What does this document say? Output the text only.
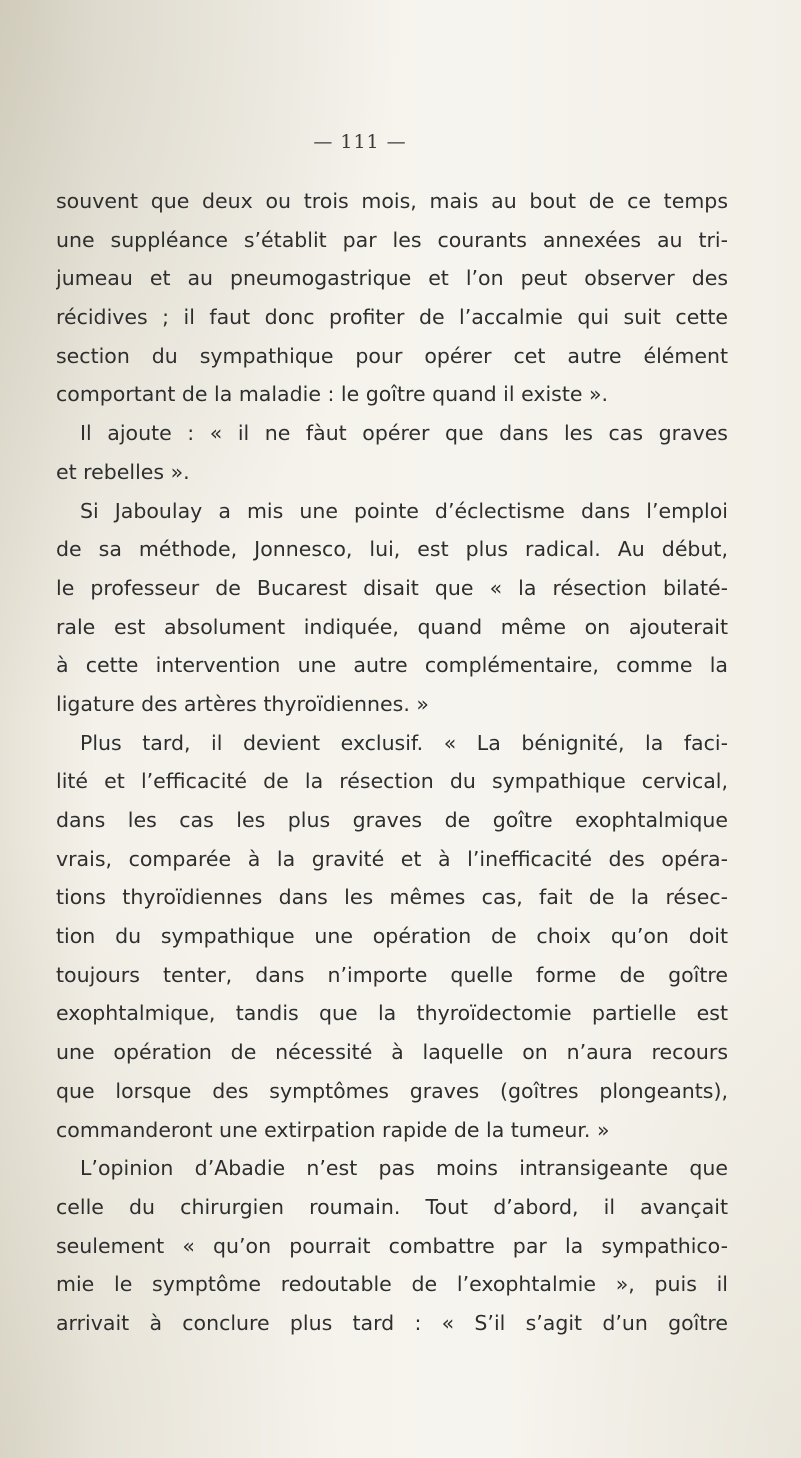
— 111 —
souvent que deux ou trois mois, mais au bout de ce temps
une suppléance s’établit par les courants annexées au tri-
jumeau et au pneumogastrique et l’on peut observer des
récidives ; il faut donc profiter de l’accalmie qui suit cette
section du sympathique pour opérer cet autre élément
comportant de la maladie : le goître quand il existe ».
Il ajoute : « il ne fàut opérer que dans les cas graves
et rebelles ».
Si Jaboulay a mis une pointe d’éclectisme dans l’emploi
de sa méthode, Jonnesco, lui, est plus radical. Au début,
le professeur de Bucarest disait que « la résection bilaté-
rale est absolument indiquée, quand même on ajouterait
à cette intervention une autre complémentaire, comme la
ligature des artères thyroïdiennes. »
Plus tard, il devient exclusif. « La bénignité, la faci-
lité et l’efficacité de la résection du sympathique cervical,
dans les cas les plus graves de goître exophtalmique
vrais, comparée à la gravité et à l’inefficacité des opéra-
tions thyroïdiennes dans les mêmes cas, fait de la résec-
tion du sympathique une opération de choix qu’on doit
toujours tenter, dans n’importe quelle forme de goître
exophtalmique, tandis que la thyroïdectomie partielle est
une opération de nécessité à laquelle on n’aura recours
que lorsque des symptômes graves (goîtres plongeants),
commanderont une extirpation rapide de la tumeur. »
L’opinion d’Abadie n’est pas moins intransigeante que
celle du chirurgien roumain. Tout d’abord, il avançait
seulement « qu’on pourrait combattre par la sympathico-
mie le symptôme redoutable de l’exophtalmie », puis il
arrivait à conclure plus tard : « S’il s’agit d’un goître
